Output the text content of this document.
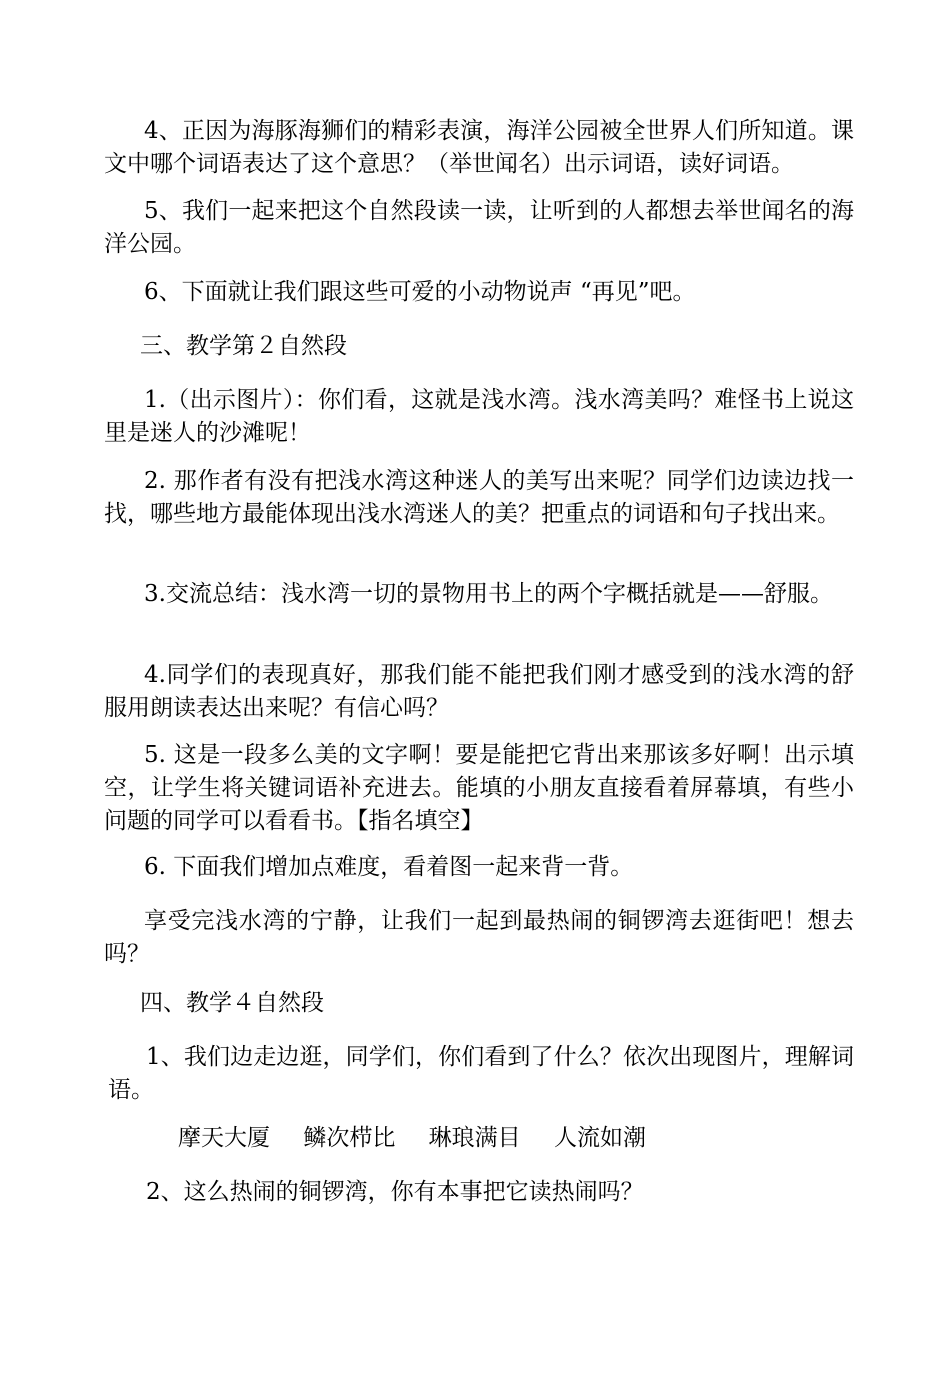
4、正因为海豚海狮们的精彩表演，海洋公园被全世界人们所知道。课文中哪个词语表达了这个意思？（举世闻名）出示词语，读好词语。

5、我们一起来把这个自然段读一读，让听到的人都想去举世闻名的海洋公园。

6、下面就让我们跟这些可爱的小动物说声 “再见”吧。

三、教学第２自然段

1.（出示图片）：你们看，这就是浅水湾。浅水湾美吗？难怪书上说这里是迷人的沙滩呢！

2. 那作者有没有把浅水湾这种迷人的美写出来呢？同学们边读边找一找，哪些地方最能体现出浅水湾迷人的美？把重点的词语和句子找出来。

3.交流总结：浅水湾一切的景物用书上的两个字概括就是——舒服。

4.同学们的表现真好，那我们能不能把我们刚才感受到的浅水湾的舒服用朗读表达出来呢？有信心吗？

5. 这是一段多么美的文字啊！要是能把它背出来那该多好啊！出示填空，让学生将关键词语补充进去。能填的小朋友直接看着屏幕填，有些小问题的同学可以看看书。【指名填空】

6. 下面我们增加点难度，看着图一起来背一背。

享受完浅水湾的宁静，让我们一起到最热闹的铜锣湾去逛街吧！想去吗？

四、教学４自然段

1、我们边走边逛，同学们，你们看到了什么？依次出现图片，理解词语。

摩天大厦 鳞次栉比 琳琅满目 人流如潮

2、这么热闹的铜锣湾，你有本事把它读热闹吗？
